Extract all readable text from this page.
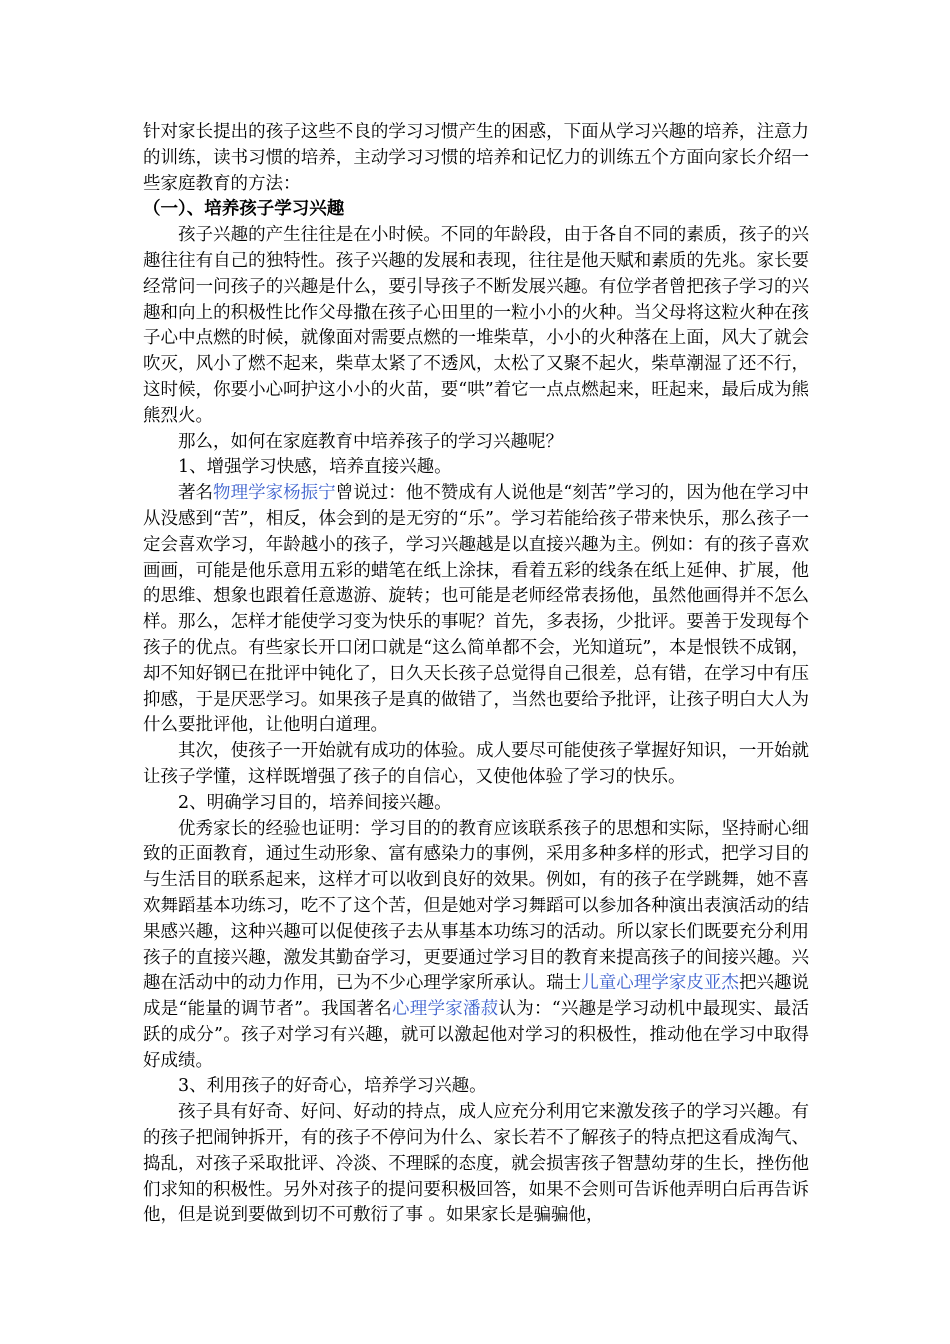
针对家长提出的孩子这些不良的学习习惯产生的困惑，下面从学习兴趣的培养，注意力的训练，读书习惯的培养，主动学习习惯的培养和记忆力的训练五个方面向家长介绍一些家庭教育的方法：

（一）、培养孩子学习兴趣

孩子兴趣的产生往往是在小时候。不同的年龄段，由于各自不同的素质，孩子的兴趣往往有自己的独特性。孩子兴趣的发展和表现，往往是他天赋和素质的先兆。家长要经常问一问孩子的兴趣是什么，要引导孩子不断发展兴趣。有位学者曾把孩子学习的兴趣和向上的积极性比作父母撒在孩子心田里的一粒小小的火种。当父母将这粒火种在孩子心中点燃的时候，就像面对需要点燃的一堆柴草，小小的火种落在上面，风大了就会吹灭，风小了燃不起来，柴草太紧了不透风，太松了又聚不起火，柴草潮湿了还不行，这时候，你要小心呵护这小小的火苗，要“哄”着它一点点燃起来，旺起来，最后成为熊熊烈火。

那么，如何在家庭教育中培养孩子的学习兴趣呢？

1、增强学习快感，培养直接兴趣。

著名物理学家杨振宁曾说过：他不赞成有人说他是“刻苦”学习的，因为他在学习中从没感到“苦”，相反，体会到的是无穷的“乐”。学习若能给孩子带来快乐，那么孩子一定会喜欢学习，年龄越小的孩子，学习兴趣越是以直接兴趣为主。例如：有的孩子喜欢画画，可能是他乐意用五彩的蜡笔在纸上涂抹，看着五彩的线条在纸上延伸、扩展，他的思维、想象也跟着任意遨游、旋转；也可能是老师经常表扬他，虽然他画得并不怎么样。那么，怎样才能使学习变为快乐的事呢？首先，多表扬，少批评。要善于发现每个孩子的优点。有些家长开口闭口就是“这么简单都不会，光知道玩”，本是恨铁不成钢，却不知好钢已在批评中钝化了，日久天长孩子总觉得自己很差，总有错，在学习中有压抑感，于是厌恶学习。如果孩子是真的做错了，当然也要给予批评，让孩子明白大人为什么要批评他，让他明白道理。

其次，使孩子一开始就有成功的体验。成人要尽可能使孩子掌握好知识，一开始就让孩子学懂，这样既增强了孩子的自信心，又使他体验了学习的快乐。

2、明确学习目的，培养间接兴趣。

优秀家长的经验也证明：学习目的的教育应该联系孩子的思想和实际，坚持耐心细致的正面教育，通过生动形象、富有感染力的事例，采用多种多样的形式，把学习目的与生活目的联系起来，这样才可以收到良好的效果。例如，有的孩子在学跳舞，她不喜欢舞蹈基本功练习，吃不了这个苦，但是她对学习舞蹈可以参加各种演出表演活动的结果感兴趣，这种兴趣可以促使孩子去从事基本功练习的活动。所以家长们既要充分利用孩子的直接兴趣，激发其勤奋学习，更要通过学习目的教育来提高孩子的间接兴趣。兴趣在活动中的动力作用，已为不少心理学家所承认。瑞士儿童心理学家皮亚杰把兴趣说成是“能量的调节者”。我国著名心理学家潘菽认为：“兴趣是学习动机中最现实、最活跃的成分”。孩子对学习有兴趣，就可以激起他对学习的积极性，推动他在学习中取得好成绩。

3、利用孩子的好奇心，培养学习兴趣。

孩子具有好奇、好问、好动的持点，成人应充分利用它来激发孩子的学习兴趣。有的孩子把闹钟拆开，有的孩子不停问为什么、家长若不了解孩子的特点把这看成淘气、捣乱，对孩子采取批评、冷淡、不理睬的态度，就会损害孩子智慧幼芽的生长，挫伤他们求知的积极性。另外对孩子的提问要积极回答，如果不会则可告诉他弄明白后再告诉他，但是说到要做到切不可敷衍了事 。如果家长是骗骗他，
